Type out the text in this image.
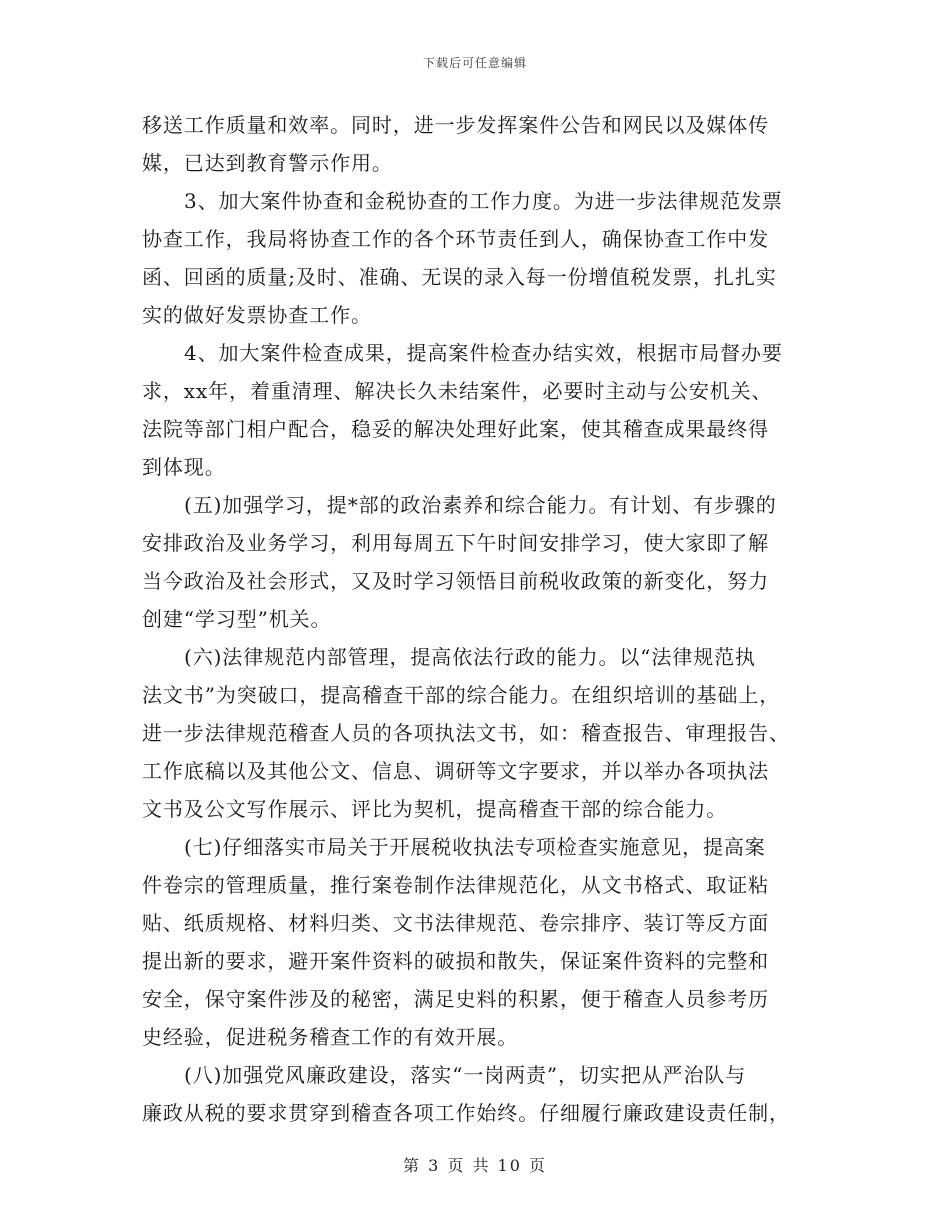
下载后可任意编辑
移送工作质量和效率。同时，进一步发挥案件公告和网民以及媒体传
媒，已达到教育警示作用。
3、加大案件协查和金税协查的工作力度。为进一步法律规范发票
协查工作，我局将协查工作的各个环节责任到人，确保协查工作中发
函、回函的质量;及时、准确、无误的录入每一份增值税发票，扎扎实
实的做好发票协查工作。
4、加大案件检查成果，提高案件检查办结实效，根据市局督办要
求，xx年，着重清理、解决长久未结案件，必要时主动与公安机关、
法院等部门相户配合，稳妥的解决处理好此案，使其稽查成果最终得
到体现。
(五)加强学习，提*部的政治素养和综合能力。有计划、有步骤的
安排政治及业务学习，利用每周五下午时间安排学习，使大家即了解
当今政治及社会形式，又及时学习领悟目前税收政策的新变化，努力
创建“学习型”机关。
(六)法律规范内部管理，提高依法行政的能力。以“法律规范执
法文书”为突破口，提高稽查干部的综合能力。在组织培训的基础上，
进一步法律规范稽查人员的各项执法文书，如：稽查报告、审理报告、
工作底稿以及其他公文、信息、调研等文字要求，并以举办各项执法
文书及公文写作展示、评比为契机，提高稽查干部的综合能力。
(七)仔细落实市局关于开展税收执法专项检查实施意见，提高案
件卷宗的管理质量，推行案卷制作法律规范化，从文书格式、取证粘
贴、纸质规格、材料归类、文书法律规范、卷宗排序、装订等反方面
提出新的要求，避开案件资料的破损和散失，保证案件资料的完整和
安全，保守案件涉及的秘密，满足史料的积累，便于稽查人员参考历
史经验，促进税务稽查工作的有效开展。
(八)加强党风廉政建设，落实“一岗两责”，切实把从严治队与
廉政从税的要求贯穿到稽查各项工作始终。仔细履行廉政建设责任制，
第 3 页 共 10 页
